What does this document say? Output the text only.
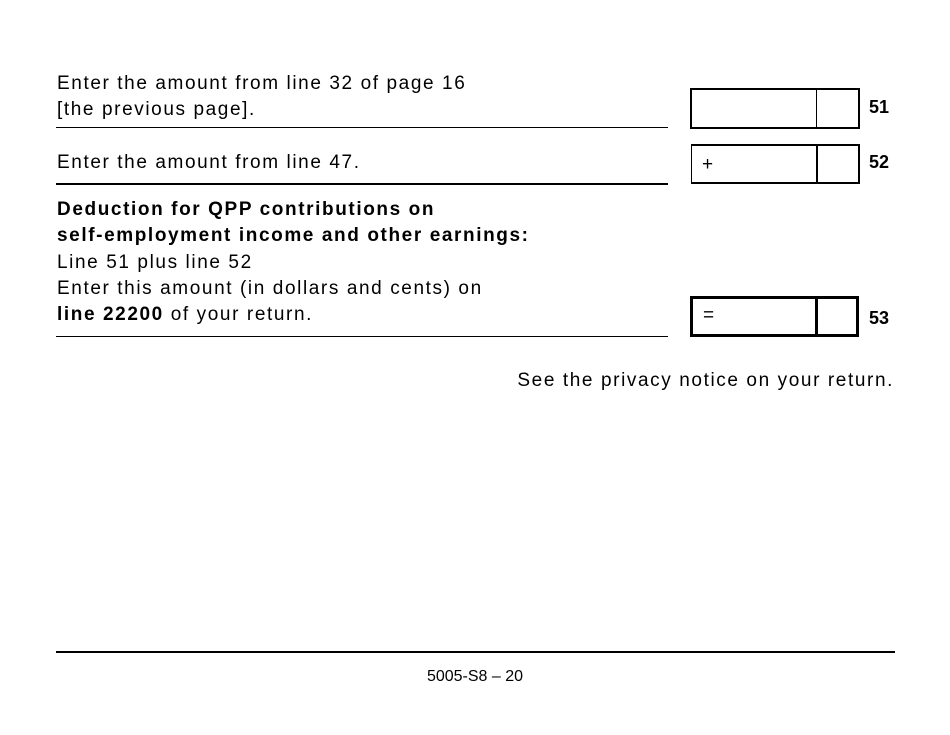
Enter the amount from line 32 of page 16
[the previous page].	51
Enter the amount from line 47.	+	52
Deduction for QPP contributions on
self-employment income and other earnings:
Line 51 plus line 52
Enter this amount (in dollars and cents) on
line 22200 of your return.	=	53
See the privacy notice on your return.
5005-S8 – 20
